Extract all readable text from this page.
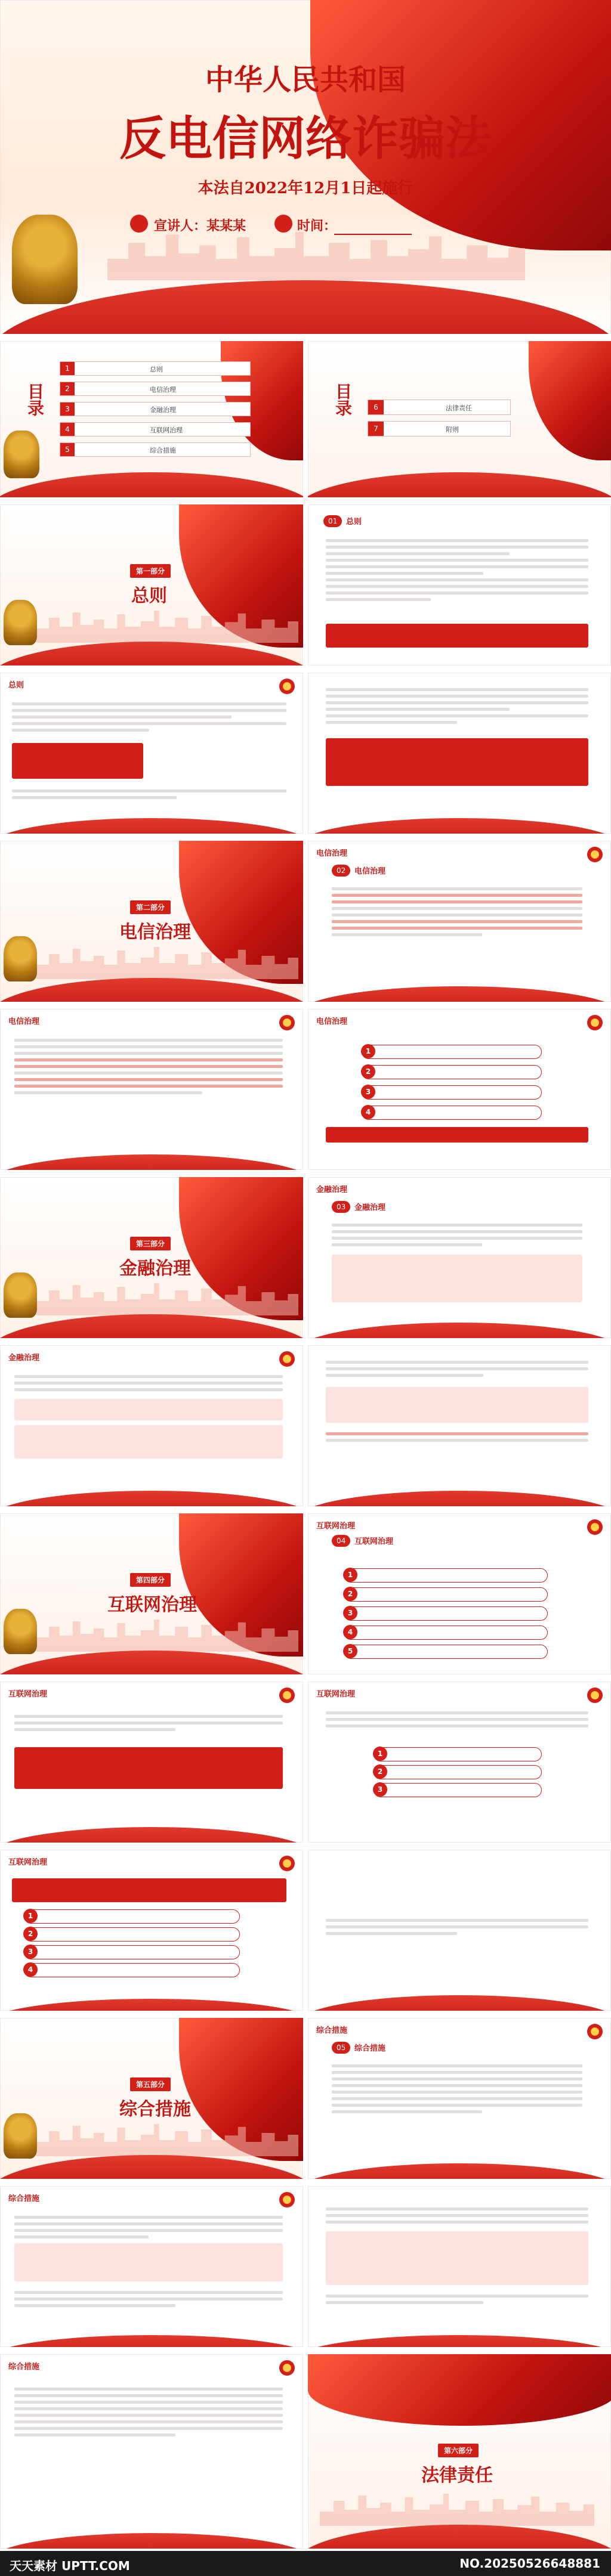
中华人民共和国
反电信网络诈骗法
本法自2022年12月1日起施行
宣讲人：某某某	时间：
目录
1	总则
2	电信治理
3	金融治理
4	互联网治理
5	综合措施
目录	6	法律责任
7	附则
第一部分
总则
01	总则
总则
第二部分
电信治理
电信治理
02	电信治理
电信治理	电信治理
1
2
3
4
第三部分
金融治理
金融治理
03	金融治理
金融治理
第四部分
互联网治理
互联网治理
04	互联网治理
1
2
3
4
5
互联网治理	互联网治理
1
2
3
互联网治理
1
2
3
4
第五部分
综合措施
综合措施
05	综合措施
综合措施
综合措施
第六部分
法律责任
天天素材 UPTT.COM	NO.20250526648881
